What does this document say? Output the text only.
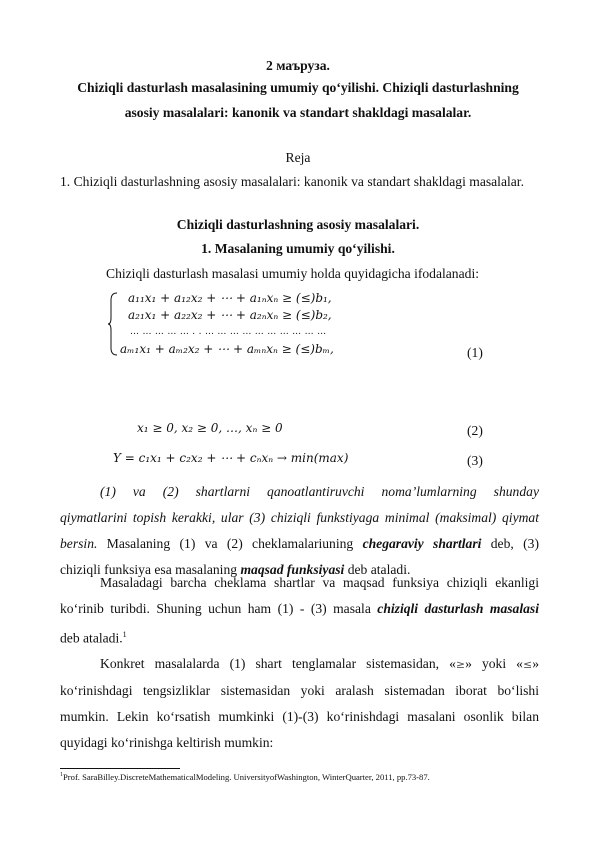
2 маъруза.
Chiziqli dasturlash masalasining umumiy qo‘yilishi. Chiziqli dasturlashning
asosiy masalalari: kanonik va standart shakldagi masalalar.
Reja
1. Chiziqli dasturlashning asosiy masalalari: kanonik va standart shakldagi masalalar.
Chiziqli dasturlashning asosiy masalalari.
1. Masalaning umumiy qo‘yilishi.
Chiziqli dasturlash masalasi umumiy holda quyidagicha ifodalanadi:
a₁₁x₁ + a₁₂x₂ + ⋯ + a₁ₙxₙ ≥ (≤)b₁,
a₂₁x₁ + a₂₂x₂ + ⋯ + a₂ₙxₙ ≥ (≤)b₂,
… … … … … . . … … … … … … … … … …
aₘ₁x₁ + aₘ₂x₂ + ⋯ + aₘₙxₙ ≥ (≤)bₘ,	(1)
x₁ ≥ 0, x₂ ≥ 0, …, xₙ ≥ 0	(2)
Y = c₁x₁ + c₂x₂ + ⋯ + cₙxₙ → min(max)	(3)
(1) va (2) shartlarni qanoatlantiruvchi noma’lumlarning shunday
qiymatlarini topish kerakki, ular (3) chiziqli funkstiyaga minimal (maksimal) qiymat
bersin. Masalaning (1) va (2) cheklamalariuning chegaraviy shartlari deb, (3)
chiziqli funksiya esa masalaning maqsad funksiyasi deb ataladi.
Masaladagi barcha cheklama shartlar va maqsad funksiya chiziqli ekanligi
ko‘rinib turibdi. Shuning uchun ham (1) - (3) masala chiziqli dasturlash masalasi
deb ataladi.$^1$
Konkret masalalarda (1) shart tenglamalar sistemasidan, «≥» yoki «≤»
ko‘rinishdagi tengsizliklar sistemasidan yoki aralash sistemadan iborat bo‘lishi
mumkin. Lekin ko‘rsatish mumkinki (1)-(3) ko‘rinishdagi masalani osonlik bilan
quyidagi ko‘rinishga keltirish mumkin:
$^1$Prof. SaraBilley.DiscreteMathematicalModeling. UniversityofWashington, WinterQuarter, 2011, pp.73-87.
